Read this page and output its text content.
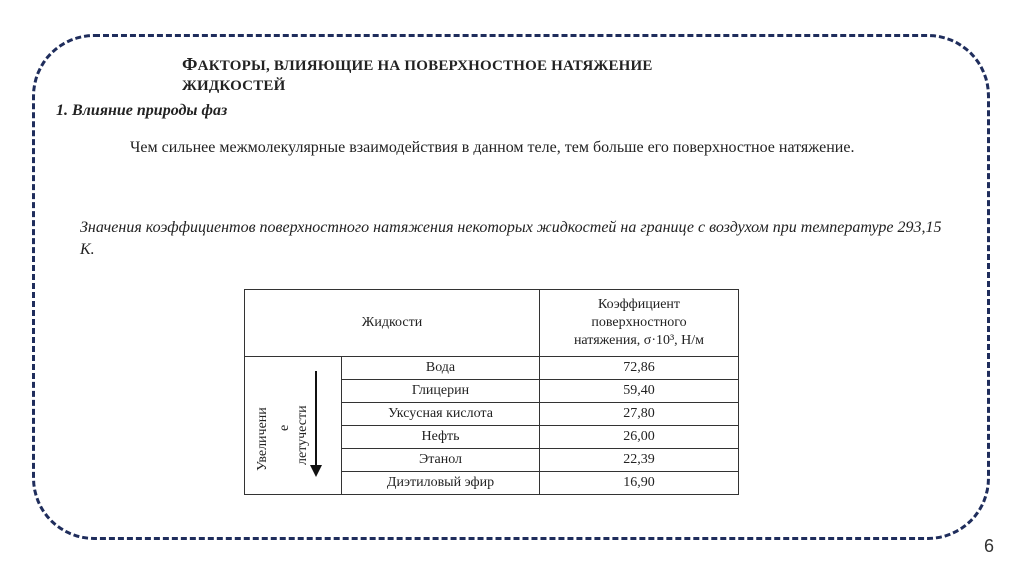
ФАКТОРЫ, ВЛИЯЮЩИЕ НА ПОВЕРХНОСТНОЕ НАТЯЖЕНИЕ ЖИДКОСТЕЙ
1. Влияние природы фаз
Чем сильнее межмолекулярные взаимодействия в данном теле, тем больше его поверхностное натяжение.
Значения коэффициентов поверхностного натяжения некоторых жидкостей на границе с воздухом при температуре 293,15 К.
Жидкости		Коэффициент
поверхностного
натяжения, σ·10³, Н/м

Увеличени е летучести	Вода	72,86
	Глицерин	59,40
	Уксусная кислота	27,80
	Нефть	26,00
	Этанол	22,39
	Диэтиловый эфир	16,90
6
